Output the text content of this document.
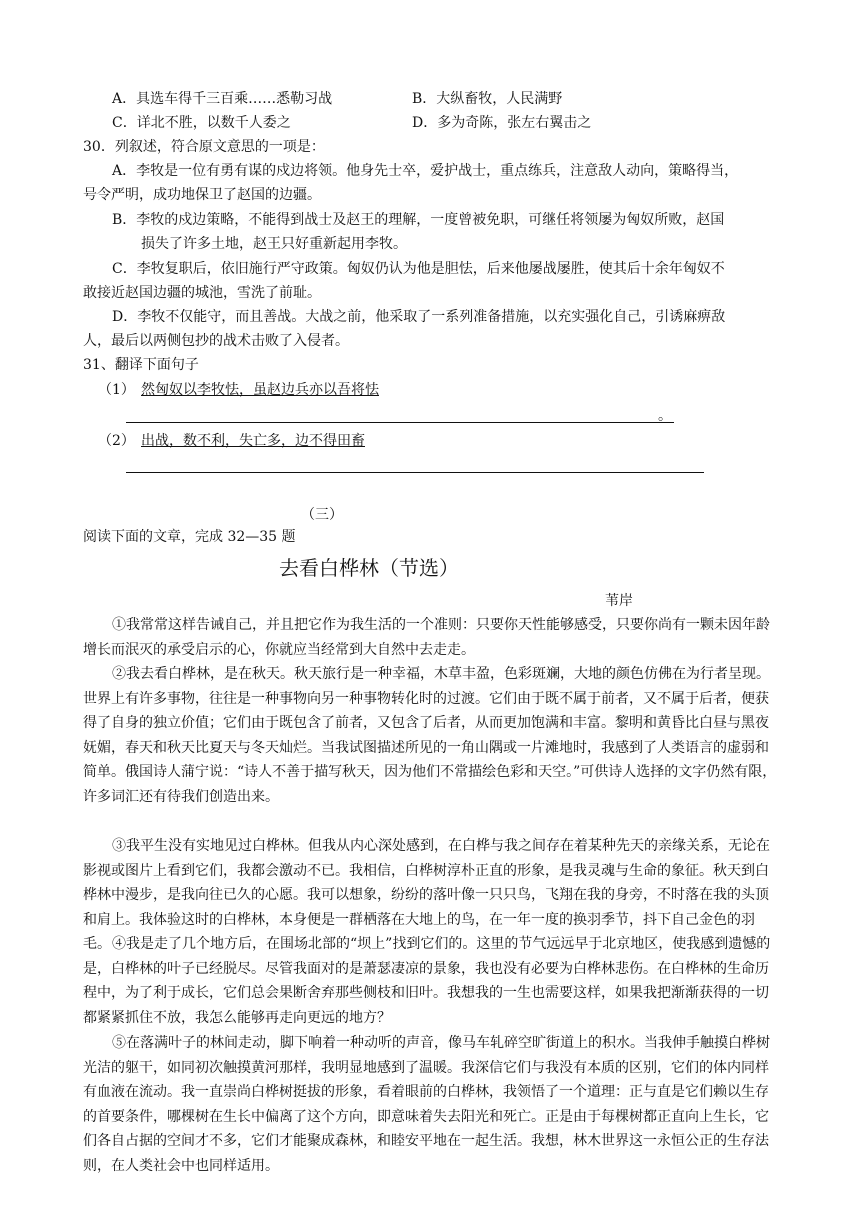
A．具选车得千三百乘……悉勒习战	B．大纵畜牧，人民满野
C．详北不胜，以数千人委之	D．多为奇陈，张左右翼击之
30．列叙述，符合原文意思的一项是：
A．李牧是一位有勇有谋的戍边将领。他身先士卒，爱护战士，重点练兵，注意敌人动向，策略得当，
号令严明，成功地保卫了赵国的边疆。
B．李牧的戍边策略，不能得到战士及赵王的理解，一度曾被免职，可继任将领屡为匈奴所败，赵国
损失了许多土地，赵王只好重新起用李牧。
C．李牧复职后，依旧施行严守政策。匈奴仍认为他是胆怯，后来他屡战屡胜，使其后十余年匈奴不
敢接近赵国边疆的城池，雪洗了前耻。
D．李牧不仅能守，而且善战。大战之前，他采取了一系列准备措施，以充实强化自己，引诱麻痹敌
人，最后以两侧包抄的战术击败了入侵者。
31、翻译下面句子
（1） 然匈奴以李牧怯，虽赵边兵亦以吾将怯
。
（2） 出战，数不利，失亡多，边不得田畜
（三）
阅读下面的文章，完成 32—35 题
去看白桦林（节选）
苇岸
①我常常这样告诫自己，并且把它作为我生活的一个准则：只要你天性能够感受，只要你尚有一颗未因年龄增长而泯灭的承受启示的心，你就应当经常到大自然中去走走。
②我去看白桦林，是在秋天。秋天旅行是一种幸福，木草丰盈，色彩斑斓，大地的颜色仿佛在为行者呈现。世界上有许多事物，往往是一种事物向另一种事物转化时的过渡。它们由于既不属于前者，又不属于后者，便获得了自身的独立价值；它们由于既包含了前者，又包含了后者，从而更加饱满和丰富。黎明和黄昏比白昼与黑夜妩媚，春天和秋天比夏天与冬天灿烂。当我试图描述所见的一角山隅或一片滩地时，我感到了人类语言的虚弱和简单。俄国诗人蒲宁说：“诗人不善于描写秋天，因为他们不常描绘色彩和天空。”可供诗人选择的文字仍然有限，许多词汇还有待我们创造出来。
③我平生没有实地见过白桦林。但我从内心深处感到，在白桦与我之间存在着某种先天的亲缘关系，无论在影视或图片上看到它们，我都会激动不已。我相信，白桦树淳朴正直的形象，是我灵魂与生命的象征。秋天到白桦林中漫步，是我向往已久的心愿。我可以想象，纷纷的落叶像一只只鸟，飞翔在我的身旁，不时落在我的头顶和肩上。我体验这时的白桦林，本身便是一群栖落在大地上的鸟，在一年一度的换羽季节，抖下自己金色的羽毛。 ④我是走了几个地方后，在围场北部的“坝上”找到它们的。这里的节气远远早于北京地区，使我感到遗憾的是，白桦林的叶子已经脱尽。尽管我面对的是萧瑟凄凉的景象，我也没有必要为白桦林悲伤。在白桦林的生命历程中，为了利于成长，它们总会果断舍弃那些侧枝和旧叶。我想我的一生也需要这样，如果我把渐渐获得的一切都紧紧抓住不放，我怎么能够再走向更远的地方？
⑤在落满叶子的林间走动，脚下响着一种动听的声音，像马车轧碎空旷街道上的积水。当我伸手触摸白桦树光洁的躯干，如同初次触摸黄河那样，我明显地感到了温暖。我深信它们与我没有本质的区别，它们的体内同样有血液在流动。我一直崇尚白桦树挺拔的形象，看着眼前的白桦林，我领悟了一个道理：正与直是它们赖以生存的首要条件，哪棵树在生长中偏离了这个方向，即意味着失去阳光和死亡。正是由于每棵树都正直向上生长，它们各自占据的空间才不多，它们才能聚成森林，和睦安平地在一起生活。我想，林木世界这一永恒公正的生存法则，在人类社会中也同样适用。
